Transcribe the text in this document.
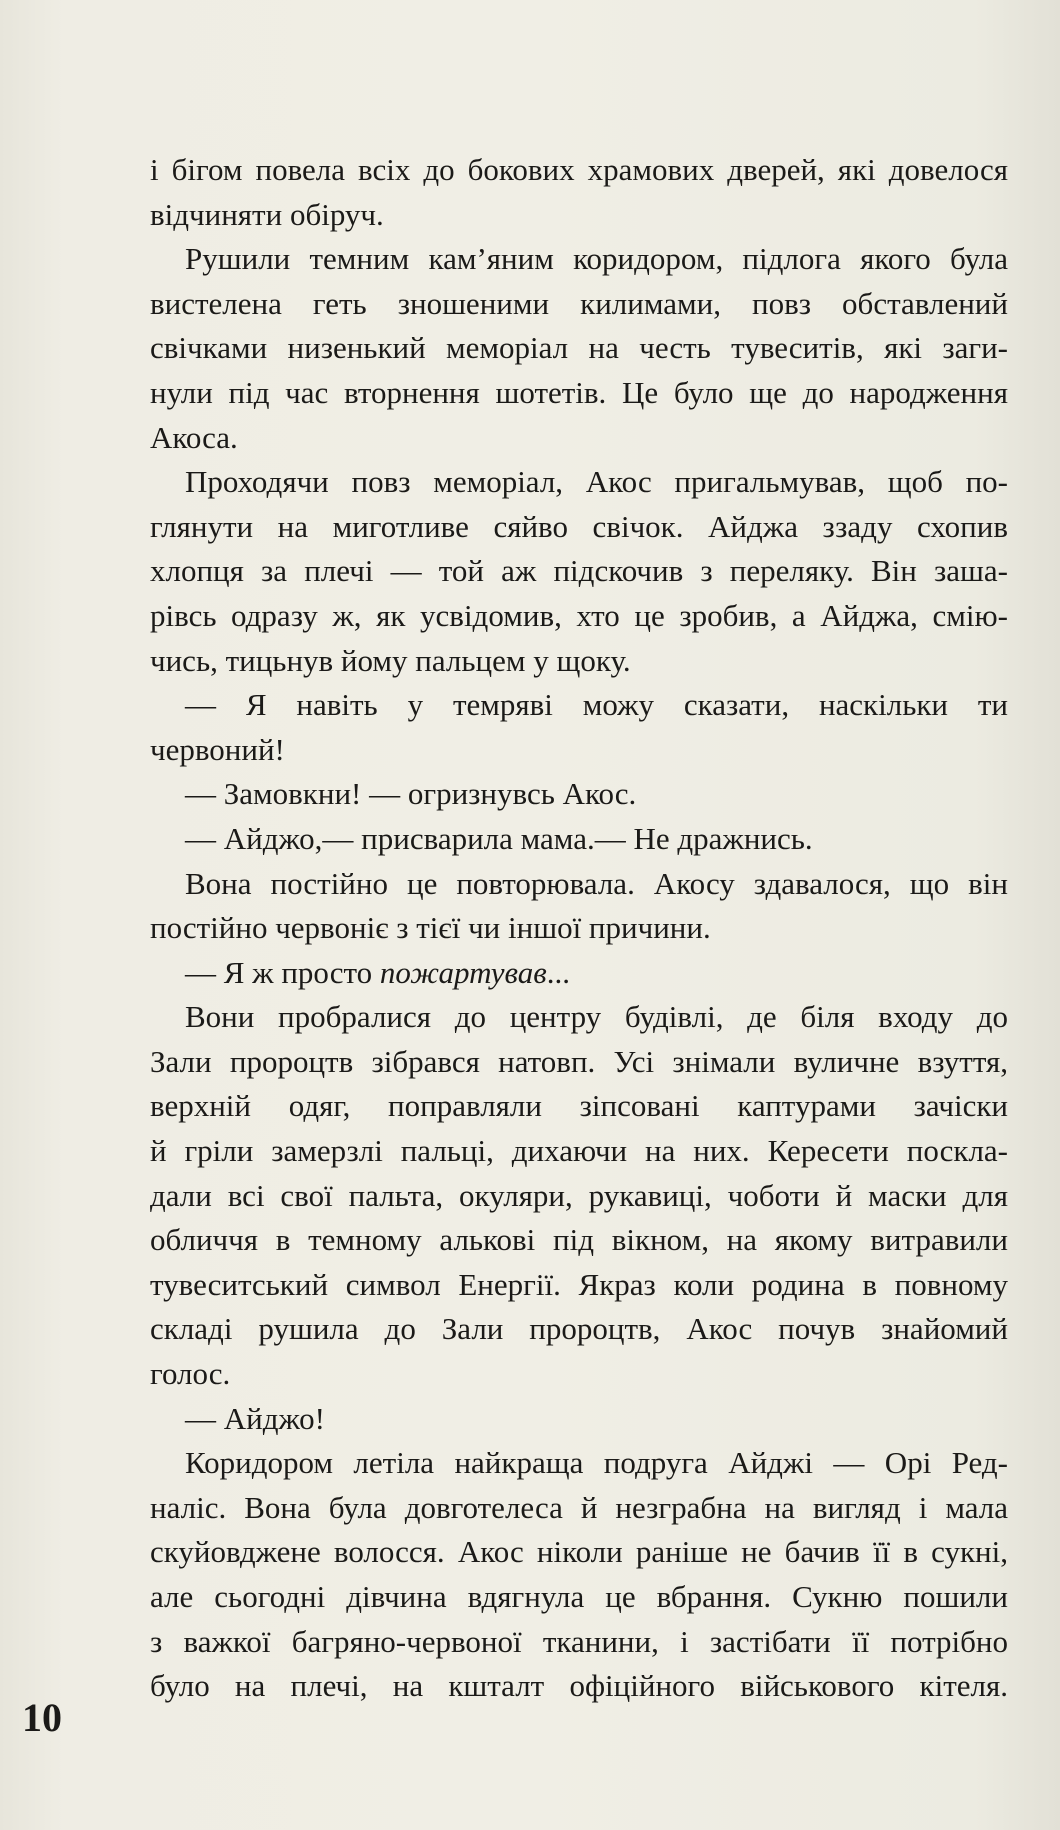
і бігом повела всіх до бокових храмових дверей, які довелося
відчиняти обіруч.
Рушили темним кам’яним коридором, підлога якого була
вистелена геть зношеними килимами, повз обставлений
свічками низенький меморіал на честь тувеситів, які заги-
нули під час вторнення шотетів. Це було ще до народження
Акоса.
Проходячи повз меморіал, Акос пригальмував, щоб по-
глянути на миготливе сяйво свічок. Айджа ззаду схопив
хлопця за плечі — той аж підскочив з переляку. Він заша-
рівсь одразу ж, як усвідомив, хто це зробив, а Айджа, смію-
чись, тицьнув йому пальцем у щоку.
— Я навіть у темряві можу сказати, наскільки ти
червоний!
— Замовкни! — огризнувсь Акос.
— Айджо,— присварила мама.— Не дражнись.
Вона постійно це повторювала. Акосу здавалося, що він
постійно червоніє з тієї чи іншої причини.
— Я ж просто пожартував...
Вони пробралися до центру будівлі, де біля входу до
Зали пророцтв зібрався натовп. Усі знімали вуличне взуття,
верхній одяг, поправляли зіпсовані каптурами зачіски
й гріли замерзлі пальці, дихаючи на них. Кересети поскла-
дали всі свої пальта, окуляри, рукавиці, чоботи й маски для
обличчя в темному алькові під вікном, на якому витравили
тувеситський символ Енергії. Якраз коли родина в повному
складі рушила до Зали пророцтв, Акос почув знайомий
голос.
— Айджо!
Коридором летіла найкраща подруга Айджі — Орі Ред-
наліс. Вона була довготелеса й незграбна на вигляд і мала
скуйовджене волосся. Акос ніколи раніше не бачив її в сукні,
але сьогодні дівчина вдягнула це вбрання. Сукню пошили
з важкої багряно-червоної тканини, і застібати її потрібно
було на плечі, на кшталт офіційного військового кітеля.
10
